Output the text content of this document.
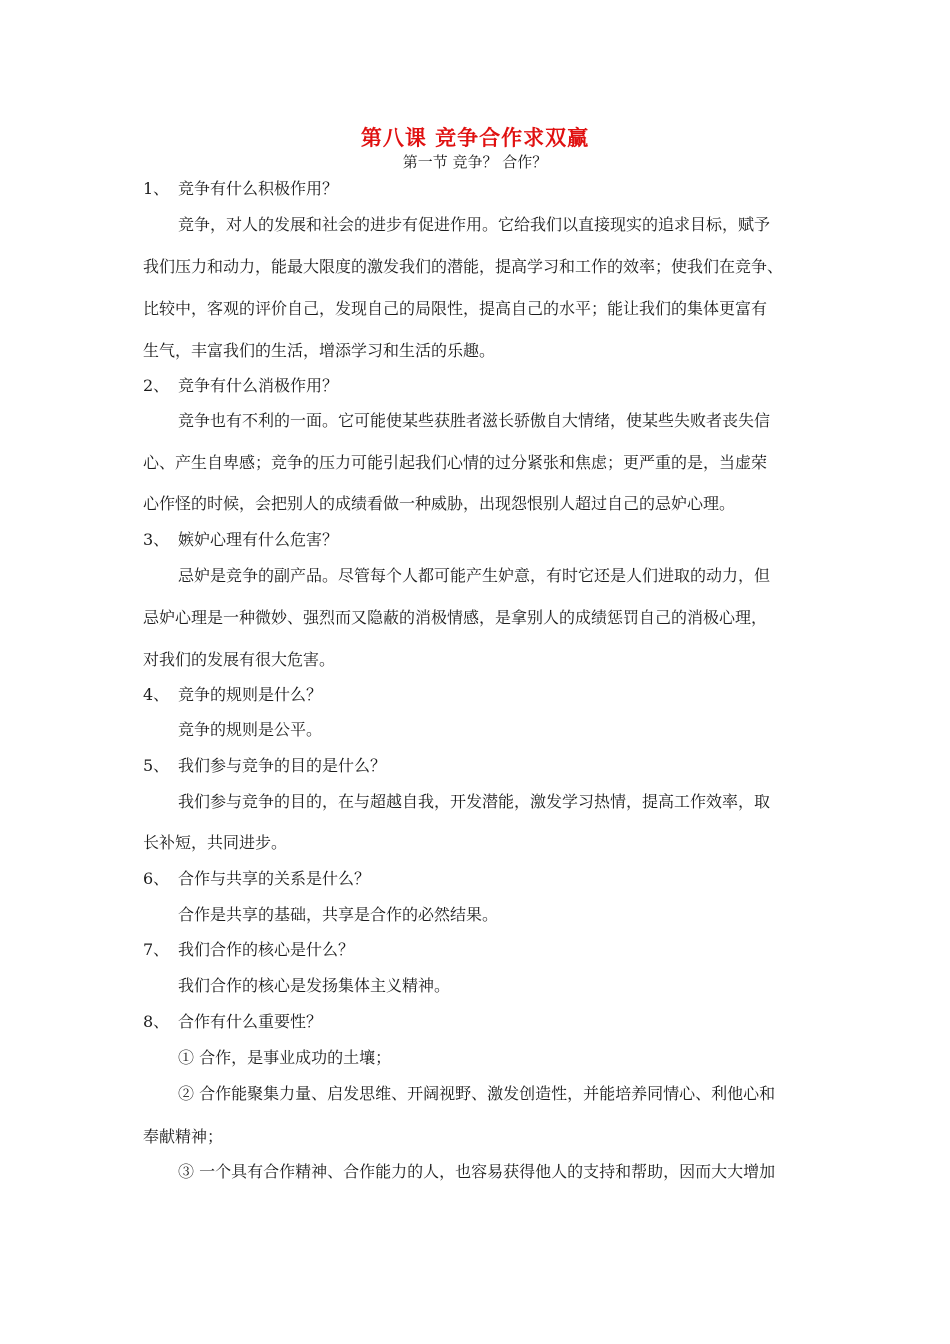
第八课 竞争合作求双赢
第一节 竞争？ 合作？
1、 竞争有什么积极作用？
竞争，对人的发展和社会的进步有促进作用。它给我们以直接现实的追求目标，赋予
我们压力和动力，能最大限度的激发我们的潜能，提高学习和工作的效率；使我们在竞争、
比较中，客观的评价自己，发现自己的局限性，提高自己的水平；能让我们的集体更富有
生气，丰富我们的生活，增添学习和生活的乐趣。
2、 竞争有什么消极作用？
竞争也有不利的一面。它可能使某些获胜者滋长骄傲自大情绪，使某些失败者丧失信
心、产生自卑感；竞争的压力可能引起我们心情的过分紧张和焦虑；更严重的是，当虚荣
心作怪的时候，会把别人的成绩看做一种威胁，出现怨恨别人超过自己的忌妒心理。
3、 嫉妒心理有什么危害？
忌妒是竞争的副产品。尽管每个人都可能产生妒意，有时它还是人们进取的动力，但
忌妒心理是一种微妙、强烈而又隐蔽的消极情感，是拿别人的成绩惩罚自己的消极心理，
对我们的发展有很大危害。
4、 竞争的规则是什么？
竞争的规则是公平。
5、 我们参与竞争的目的是什么？
我们参与竞争的目的，在与超越自我，开发潜能，激发学习热情，提高工作效率，取
长补短，共同进步。
6、 合作与共享的关系是什么？
合作是共享的基础，共享是合作的必然结果。
7、 我们合作的核心是什么？
我们合作的核心是发扬集体主义精神。
8、 合作有什么重要性？
① 合作，是事业成功的土壤；
② 合作能聚集力量、启发思维、开阔视野、激发创造性，并能培养同情心、利他心和
奉献精神；
③ 一个具有合作精神、合作能力的人，也容易获得他人的支持和帮助，因而大大增加
